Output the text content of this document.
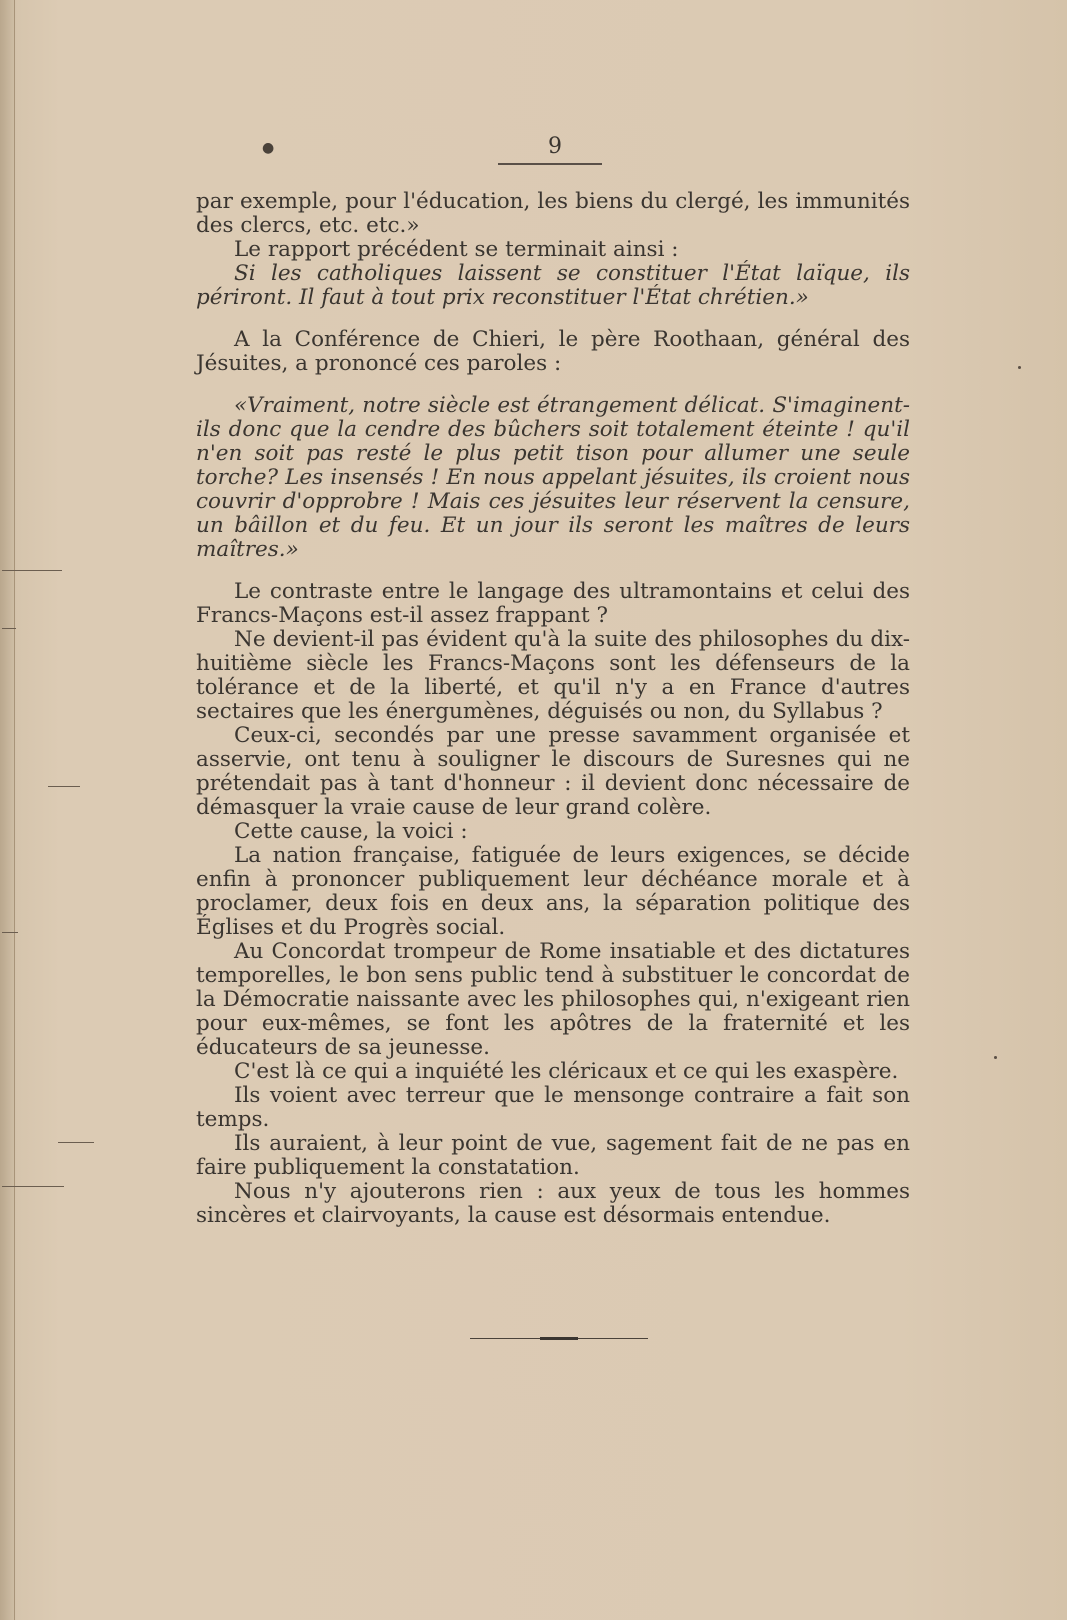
●	9

par exemple, pour l'éducation, les biens du clergé, les immunités des clercs, etc. etc.»

Le rapport précédent se terminait ainsi :

Si les catholiques laissent se constituer l'État laïque, ils périront. Il faut à tout prix reconstituer l'État chrétien.»

A la Conférence de Chieri, le père Roothaan, général des Jésuites, a prononcé ces paroles :

«Vraiment, notre siècle est étrangement délicat. S'imaginent-ils donc que la cendre des bûchers soit totalement éteinte ! qu'il n'en soit pas resté le plus petit tison pour allumer une seule torche? Les insensés ! En nous appelant jésuites, ils croient nous couvrir d'opprobre ! Mais ces jésuites leur réservent la censure, un bâillon et du feu. Et un jour ils seront les maîtres de leurs maîtres.»

Le contraste entre le langage des ultramontains et celui des Francs-Maçons est-il assez frappant ?

Ne devient-il pas évident qu'à la suite des philosophes du dix-huitième siècle les Francs-Maçons sont les défenseurs de la tolérance et de la liberté, et qu'il n'y a en France d'autres sectaires que les énergumènes, déguisés ou non, du Syllabus ?

Ceux-ci, secondés par une presse savamment organisée et asservie, ont tenu à souligner le discours de Suresnes qui ne prétendait pas à tant d'honneur : il devient donc nécessaire de démasquer la vraie cause de leur grand colère.

Cette cause, la voici :

La nation française, fatiguée de leurs exigences, se décide enfin à prononcer publiquement leur déchéance morale et à proclamer, deux fois en deux ans, la séparation politique des Églises et du Progrès social.

Au Concordat trompeur de Rome insatiable et des dictatures temporelles, le bon sens public tend à substituer le concordat de la Démocratie naissante avec les philosophes qui, n'exigeant rien pour eux-mêmes, se font les apôtres de la fraternité et les éducateurs de sa jeunesse.

C'est là ce qui a inquiété les cléricaux et ce qui les exaspère.

Ils voient avec terreur que le mensonge contraire a fait son temps.

Ils auraient, à leur point de vue, sagement fait de ne pas en faire publiquement la constatation.

Nous n'y ajouterons rien : aux yeux de tous les hommes sincères et clairvoyants, la cause est désormais entendue.
